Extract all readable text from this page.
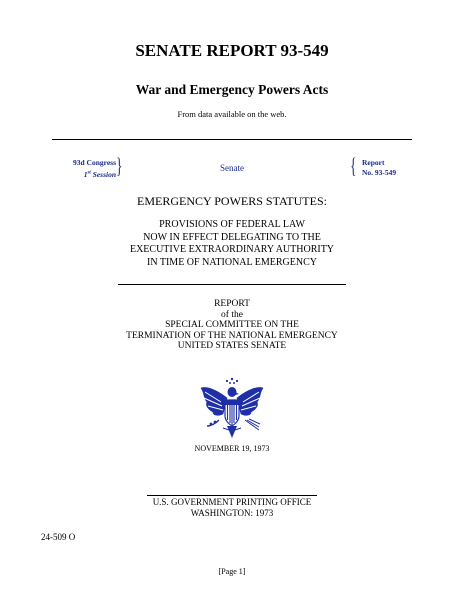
SENATE REPORT 93-549
War and Emergency Powers Acts
From data available on the web.
93d Congress
1st Session }	Senate	{ Report
No. 93-549
EMERGENCY POWERS STATUTES:
PROVISIONS OF FEDERAL LAW
NOW IN EFFECT DELEGATING TO THE
EXECUTIVE EXTRAORDINARY AUTHORITY
IN TIME OF NATIONAL EMERGENCY
REPORT
of the
SPECIAL COMMITTEE ON THE
TERMINATION OF THE NATIONAL EMERGENCY
UNITED STATES SENATE
NOVEMBER 19, 1973
U.S. GOVERNMENT PRINTING OFFICE
WASHINGTON: 1973
24-509 O
[Page 1]
